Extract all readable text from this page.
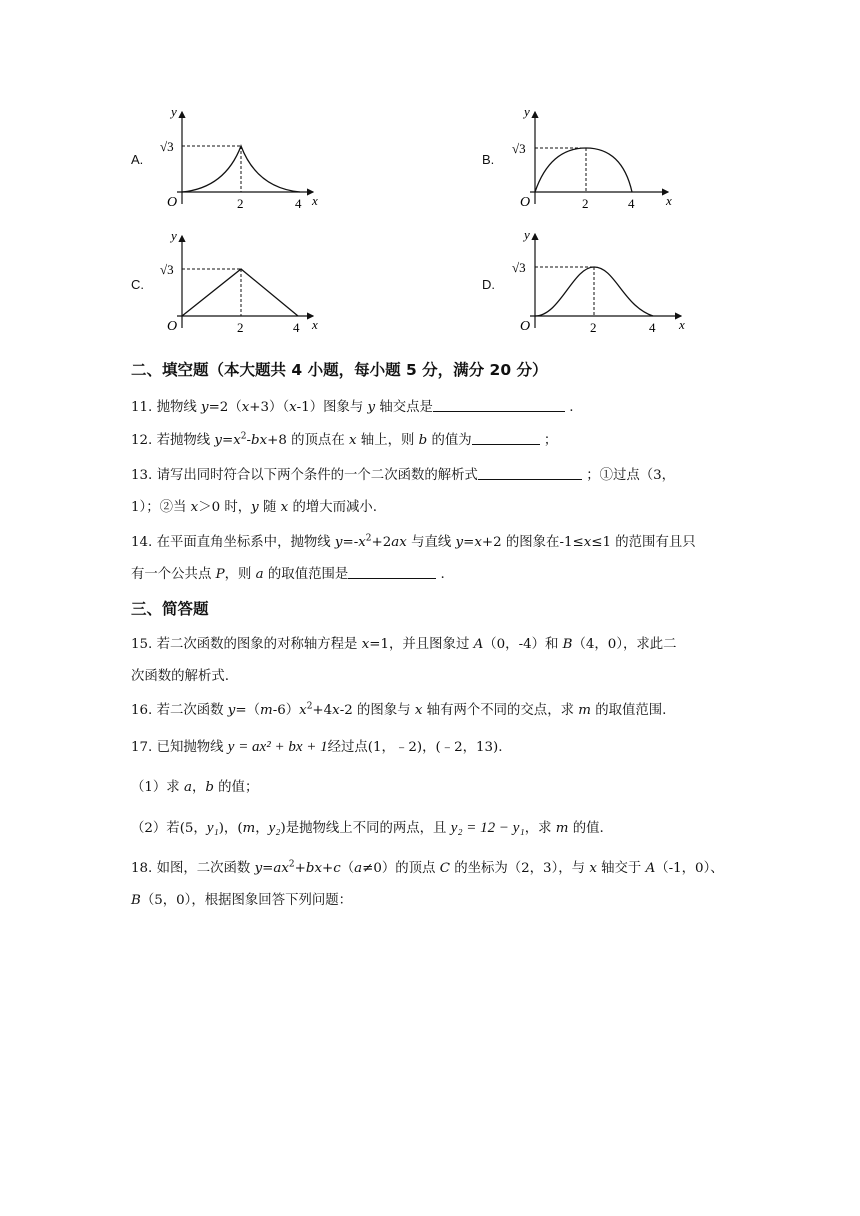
A.
y
O
√3
2	4 x
B.
y
O
√3
2	4 x
C.
y
O
√3
2	4 x
D.
y
O
√3
2	4 x
二、填空题（本大题共 4 小题，每小题 5 分，满分 20 分）
11. 抛物线 y=2（x+3）（x-1）图象与 y 轴交点是	.
12. 若抛物线 $y=x^2-bx+8$ 的顶点在 x 轴上，则 b 的值为	；
13. 请写出同时符合以下两个条件的一个二次函数的解析式	；①过点（3，
1）；②当 x＞0 时，y 随 x 的增大而减小.
14. 在平面直角坐标系中，抛物线 $y=-x^2+2ax$ 与直线 y=x+2 的图象在-1≤x≤1 的范围有且只
有一个公共点 P，则 a 的取值范围是	.
三、简答题
15. 若二次函数的图象的对称轴方程是 x=1，并且图象过 A（0，-4）和 B（4，0），求此二
次函数的解析式.
16. 若二次函数 $y=(m-6)x^2+4x-2$ 的图象与 x 轴有两个不同的交点，求 m 的取值范围.
17. 已知抛物线 y = ax² + bx + 1经过点(1，﹣2)，(﹣2，13).
（1）求 a，b 的值；
（2）若(5，y₁)，(m，y₂)是抛物线上不同的两点，且 y₂ = 12 − y₁，求 m 的值.
18. 如图，二次函数 $y=ax^2+bx+c(a\ne 0)$的顶点 C 的坐标为（2，3），与 x 轴交于 A（-1，0）、
B（5，0），根据图象回答下列问题：
